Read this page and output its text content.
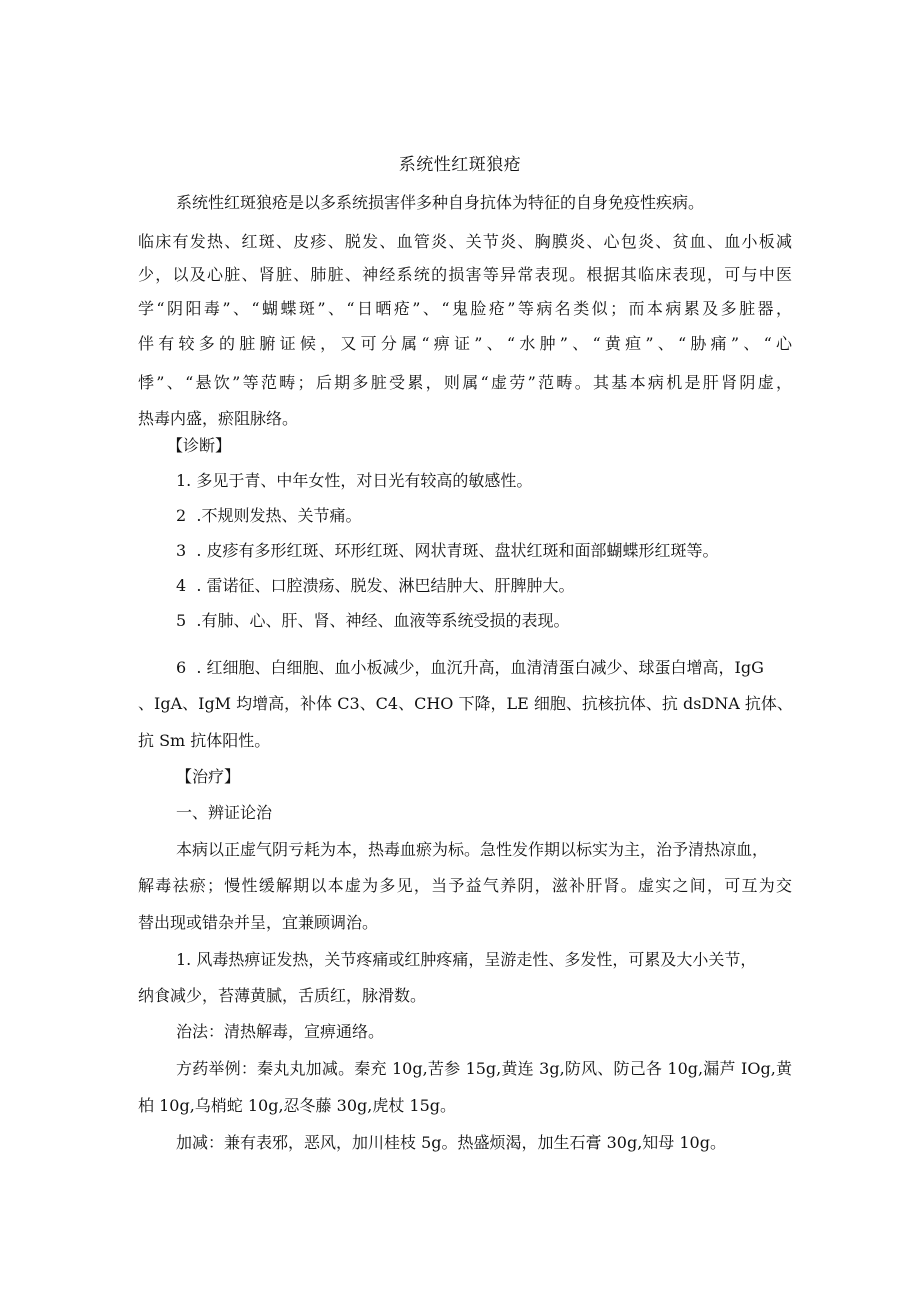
系统性红斑狼疮
系统性红斑狼疮是以多系统损害伴多种自身抗体为特征的自身免疫性疾病。
临床有发热、红斑、皮疹、脱发、血管炎、关节炎、胸膜炎、心包炎、贫血、血小板减
少，以及心脏、肾脏、肺脏、神经系统的损害等异常表现。根据其临床表现，可与中医
学“阴阳毒”、“蝴蝶斑”、“日晒疮”、“鬼脸疮”等病名类似；而本病累及多脏器，
伴有较多的脏腑证候，又可分属“痹证”、“水肿”、“黄疸”、“胁痛”、“心
悸”、“悬饮”等范畴；后期多脏受累，则属“虚劳”范畴。其基本病机是肝肾阴虚，
热毒内盛，瘀阻脉络。
【诊断】
1. 多见于青、中年女性，对日光有较高的敏感性。
2  .不规则发热、关节痛。
3  . 皮疹有多形红斑、环形红斑、网状青斑、盘状红斑和面部蝴蝶形红斑等。
4  . 雷诺征、口腔溃疡、脱发、淋巴结肿大、肝脾肿大。
5  .有肺、心、肝、肾、神经、血液等系统受损的表现。
6  . 红细胞、白细胞、血小板减少，血沉升高，血清清蛋白减少、球蛋白增高，IgG
、IgA、IgM 均增高，补体 C3、C4、CHO 下降，LE 细胞、抗核抗体、抗 dsDNA 抗体、
抗 Sm 抗体阳性。
【治疗】
一、辨证论治
本病以正虚气阴亏耗为本，热毒血瘀为标。急性发作期以标实为主，治予清热凉血，
解毒祛瘀；慢性缓解期以本虚为多见，当予益气养阴，滋补肝肾。虚实之间，可互为交
替出现或错杂并呈，宜兼顾调治。
1. 风毒热痹证发热，关节疼痛或红肿疼痛，呈游走性、多发性，可累及大小关节，
纳食减少，苔薄黄腻，舌质红，脉滑数。
治法：清热解毒，宣痹通络。
方药举例：秦丸丸加减。秦充 10g,苦参 15g,黄连 3g,防风、防己各 10g,漏芦 IOg,黄
柏 10g,乌梢蛇 10g,忍冬藤 30g,虎杖 15g。
加减：兼有表邪，恶风，加川桂枝 5g。热盛烦渴，加生石膏 30g,知母 10g。
